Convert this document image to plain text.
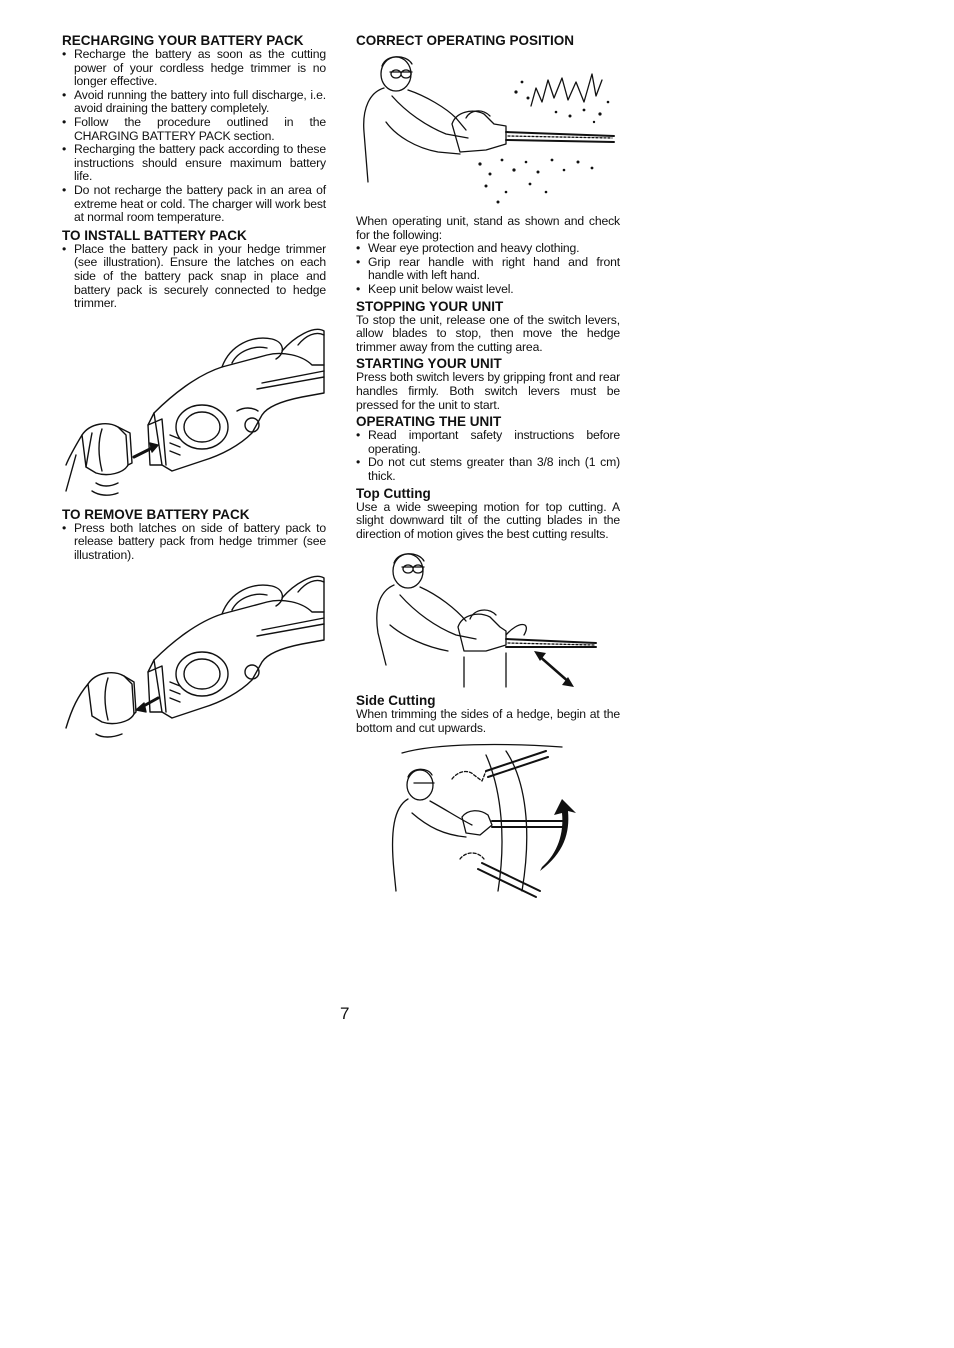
RECHARGING YOUR BATTERY PACK
• Recharge the battery as soon as the cutting power of your cordless hedge trimmer is no longer effective.
• Avoid running the battery into full discharge, i.e. avoid draining the battery completely.
• Follow the procedure outlined in the CHARGING BATTERY PACK section.
• Recharging the battery pack according to these instructions should ensure maximum battery life.
• Do not recharge the battery pack in an area of extreme heat or cold. The charger will work best at normal room temperature.
TO INSTALL BATTERY PACK
• Place the battery pack in your hedge trimmer (see illustration). Ensure the latches on each side of the battery pack snap in place and battery pack is securely connected to hedge trimmer.
TO REMOVE BATTERY PACK
• Press both latches on side of battery pack to release battery pack from hedge trimmer (see illustration).
CORRECT OPERATING POSITION

When operating unit, stand as shown and check for the following:

• Wear eye protection and heavy clothing.
• Grip rear handle with right hand and front handle with left hand.
• Keep unit below waist level.
STOPPING YOUR UNIT

To stop the unit, release one of the switch levers, allow blades to stop, then move the hedge trimmer away from the cutting area.

STARTING YOUR UNIT

Press both switch levers by gripping front and rear handles firmly. Both switch levers must be pressed for the unit to start.

OPERATING THE UNIT
• Read important safety instructions before operating.
• Do not cut stems greater than 3/8 inch (1 cm) thick.
Top Cutting

Use a wide sweeping motion for top cutting. A slight downward tilt of the cutting blades in the direction of motion gives the best cutting results.

Side Cutting

When trimming the sides of a hedge, begin at the bottom and cut upwards.

7
